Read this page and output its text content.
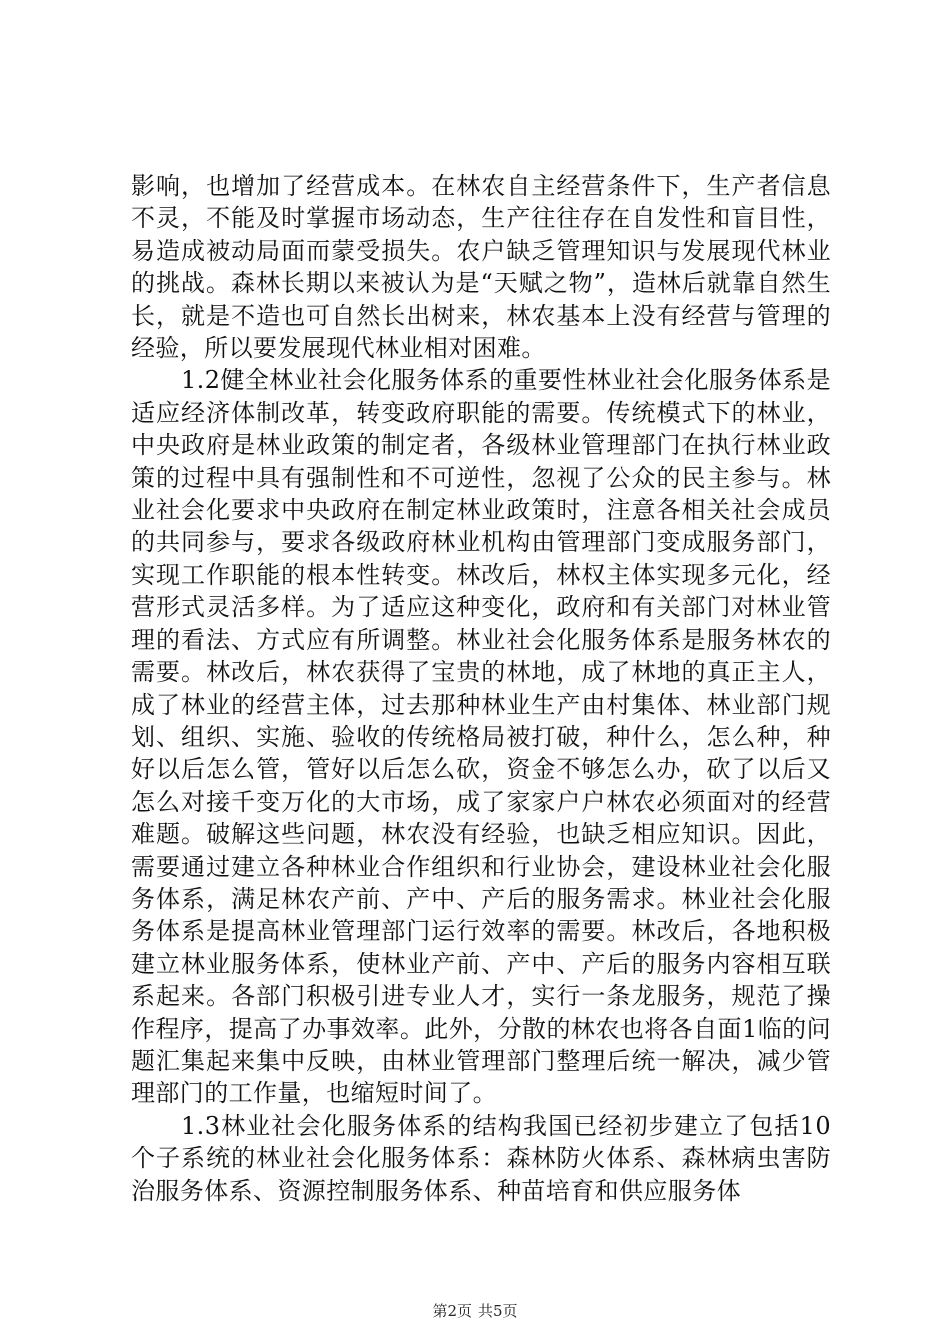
影响，也增加了经营成本。在林农自主经营条件下，生产者信息不灵，不能及时掌握市场动态，生产往往存在自发性和盲目性，易造成被动局面而蒙受损失。农户缺乏管理知识与发展现代林业的挑战。森林长期以来被认为是“天赋之物”，造林后就靠自然生长，就是不造也可自然长出树来，林农基本上没有经营与管理的经验，所以要发展现代林业相对困难。

1.2健全林业社会化服务体系的重要性林业社会化服务体系是适应经济体制改革，转变政府职能的需要。传统模式下的林业，中央政府是林业政策的制定者，各级林业管理部门在执行林业政策的过程中具有强制性和不可逆性，忽视了公众的民主参与。林业社会化要求中央政府在制定林业政策时，注意各相关社会成员的共同参与，要求各级政府林业机构由管理部门变成服务部门，实现工作职能的根本性转变。林改后，林权主体实现多元化，经营形式灵活多样。为了适应这种变化，政府和有关部门对林业管理的看法、方式应有所调整。林业社会化服务体系是服务林农的需要。林改后，林农获得了宝贵的林地，成了林地的真正主人，成了林业的经营主体，过去那种林业生产由村集体、林业部门规划、组织、实施、验收的传统格局被打破，种什么，怎么种，种好以后怎么管，管好以后怎么砍，资金不够怎么办，砍了以后又怎么对接千变万化的大市场，成了家家户户林农必须面对的经营难题。破解这些问题，林农没有经验，也缺乏相应知识。因此，需要通过建立各种林业合作组织和行业协会，建设林业社会化服务体系，满足林农产前、产中、产后的服务需求。林业社会化服务体系是提高林业管理部门运行效率的需要。林改后，各地积极建立林业服务体系，使林业产前、产中、产后的服务内容相互联系起来。各部门积极引进专业人才，实行一条龙服务，规范了操作程序，提高了办事效率。此外，分散的林农也将各自面1临的问题汇集起来集中反映，由林业管理部门整理后统一解决，减少管理部门的工作量，也缩短时间了。

1.3林业社会化服务体系的结构我国已经初步建立了包括10个子系统的林业社会化服务体系：森林防火体系、森林病虫害防治服务体系、资源控制服务体系、种苗培育和供应服务体

第2页 共5页
